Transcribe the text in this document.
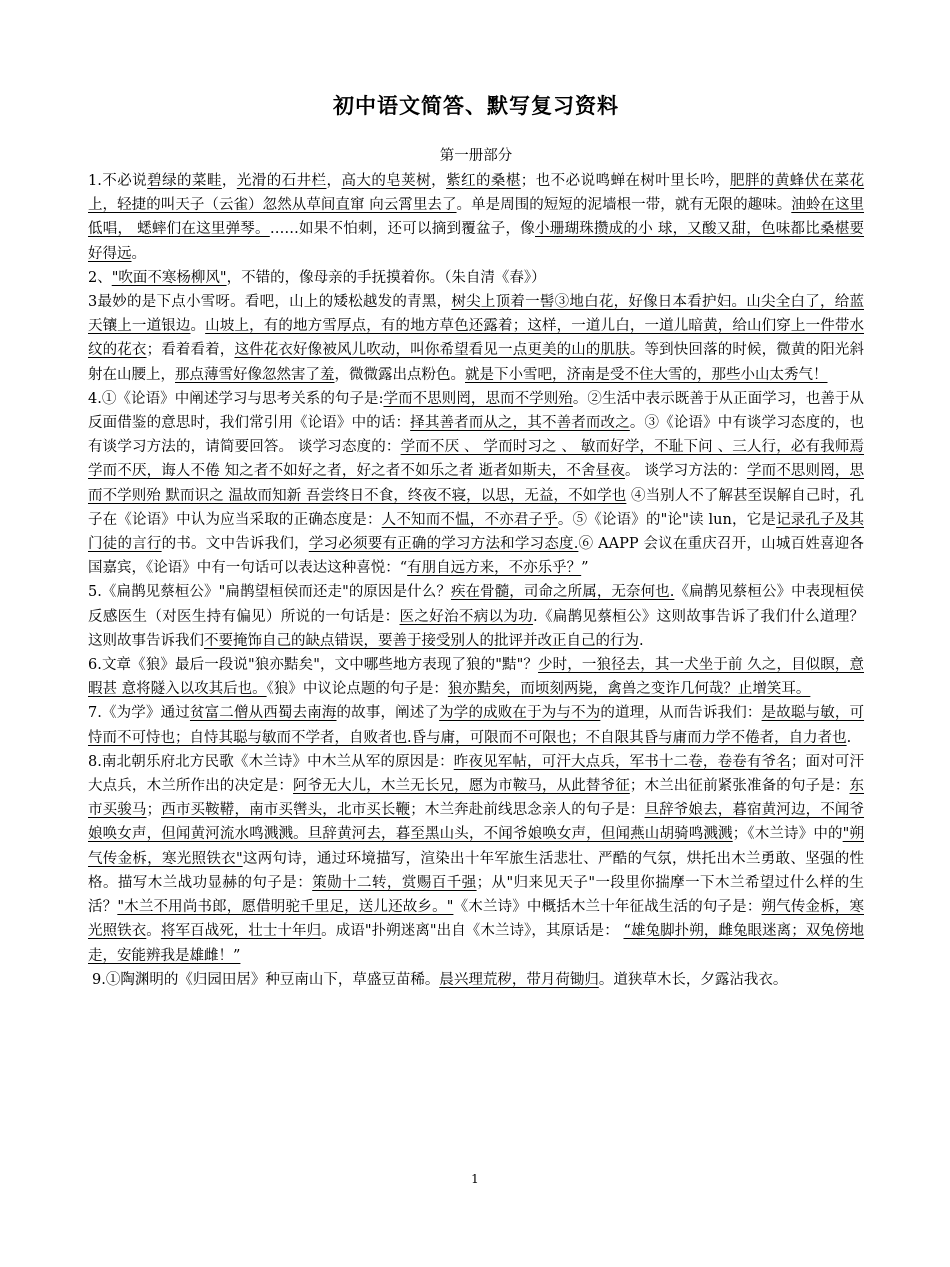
初中语文简答、默写复习资料
第一册部分

1.不必说碧绿的菜畦，光滑的石井栏，高大的皂荚树，紫红的桑椹；也不必说鸣蝉在树叶里长吟，肥胖的黄蜂伏在菜花上，轻捷的叫天子（云雀）忽然从草间直窜 向云霄里去了。单是周围的短短的泥墙根一带，就有无限的趣味。油蛉在这里低唱， 蟋蟀们在这里弹琴。……如果不怕刺，还可以摘到覆盆子，像小珊瑚珠攒成的小 球，又酸又甜，色味都比桑椹要好得远。

2、"吹面不寒杨柳风"，不错的，像母亲的手抚摸着你。（朱自清《春》）

3最妙的是下点小雪呀。看吧，山上的矮松越发的青黑，树尖上顶着一髻③地白花，好像日本看护妇。山尖全白了，给蓝天镶上一道银边。山坡上，有的地方雪厚点，有的地方草色还露着；这样，一道儿白，一道儿暗黄，给山们穿上一件带水纹的花衣；看着看着，这件花衣好像被风儿吹动，叫你希望看见一点更美的山的肌肤。等到快回落的时候，微黄的阳光斜射在山腰上，那点薄雪好像忽然害了羞，微微露出点粉色。就是下小雪吧，济南是受不住大雪的，那些小山太秀气！

4.①《论语》中阐述学习与思考关系的句子是:学而不思则罔，思而不学则殆。②生活中表示既善于从正面学习，也善于从反面借鉴的意思时，我们常引用《论语》中的话：择其善者而从之，其不善者而改之。③《论语》中有谈学习态度的，也有谈学习方法的，请简要回答。 谈学习态度的：学而不厌 、 学而时习之 、 敏而好学，不耻下问 、三人行，必有我师焉学而不厌，诲人不倦 知之者不如好之者，好之者不如乐之者 逝者如斯夫，不舍昼夜。 谈学习方法的：学而不思则罔，思而不学则殆 默而识之 温故而知新 吾尝终日不食，终夜不寝，以思，无益，不如学也 ④当别人不了解甚至误解自己时，孔子在《论语》中认为应当采取的正确态度是：人不知而不愠，不亦君子乎。⑤《论语》的"论"读 lun，它是记录孔子及其门徒的言行的书。文中告诉我们，学习必须要有正确的学习方法和学习态度.⑥ AAPP 会议在重庆召开，山城百姓喜迎各国嘉宾，《论语》中有一句话可以表达这种喜悦：“有朋自远方来，不亦乐乎？”

5.《扁鹊见蔡桓公》"扁鹊望桓侯而还走"的原因是什么？疾在骨髓，司命之所属，无奈何也.《扁鹊见蔡桓公》中表现桓侯反感医生（对医生持有偏见）所说的一句话是：医之好治不病以为功.《扁鹊见蔡桓公》这则故事告诉了我们什么道理？ 这则故事告诉我们不要掩饰自己的缺点错误，要善于接受别人的批评并改正自己的行为.

6.文章《狼》最后一段说"狼亦黠矣"，文中哪些地方表现了狼的"黠"？少时，一狼径去，其一犬坐于前 久之，目似瞑，意暇甚 意将隧入以攻其后也。《狼》中议论点题的句子是：狼亦黠矣，而顷刻两毙，禽兽之变诈几何哉？止增笑耳。

7.《为学》通过贫富二僧从西蜀去南海的故事，阐述了为学的成败在于为与不为的道理，从而告诉我们：是故聪与敏，可恃而不可恃也；自恃其聪与敏而不学者，自败者也.昏与庸，可限而不可限也；不自限其昏与庸而力学不倦者，自力者也.

8.南北朝乐府北方民歌《木兰诗》中木兰从军的原因是：昨夜见军帖，可汗大点兵，军书十二卷，卷卷有爷名；面对可汗大点兵，木兰所作出的决定是：阿爷无大儿，木兰无长兄，愿为市鞍马，从此替爷征；木兰出征前紧张准备的句子是：东市买骏马；西市买鞍鞯，南市买辔头，北市买长鞭；木兰奔赴前线思念亲人的句子是：旦辞爷娘去，暮宿黄河边，不闻爷娘唤女声，但闻黄河流水鸣溅溅。旦辞黄河去，暮至黑山头，不闻爷娘唤女声，但闻燕山胡骑鸣溅溅；《木兰诗》中的"朔气传金柝，寒光照铁衣"这两句诗，通过环境描写，渲染出十年军旅生活悲壮、严酷的气氛，烘托出木兰勇敢、坚强的性格。描写木兰战功显赫的句子是：策勋十二转，赏赐百千强；从"归来见天子"一段里你揣摩一下木兰希望过什么样的生活？"木兰不用尚书郎，愿借明驼千里足，送儿还故乡。"《木兰诗》中概括木兰十年征战生活的句子是：朔气传金柝，寒光照铁衣。将军百战死，壮士十年归。成语"扑朔迷离"出自《木兰诗》，其原话是： “雄兔脚扑朔，雌兔眼迷离；双兔傍地走，安能辨我是雄雌！”

9.①陶渊明的《归园田居》种豆南山下，草盛豆苗稀。晨兴理荒秽，带月荷锄归。道狭草木长，夕露沾我衣。

1
